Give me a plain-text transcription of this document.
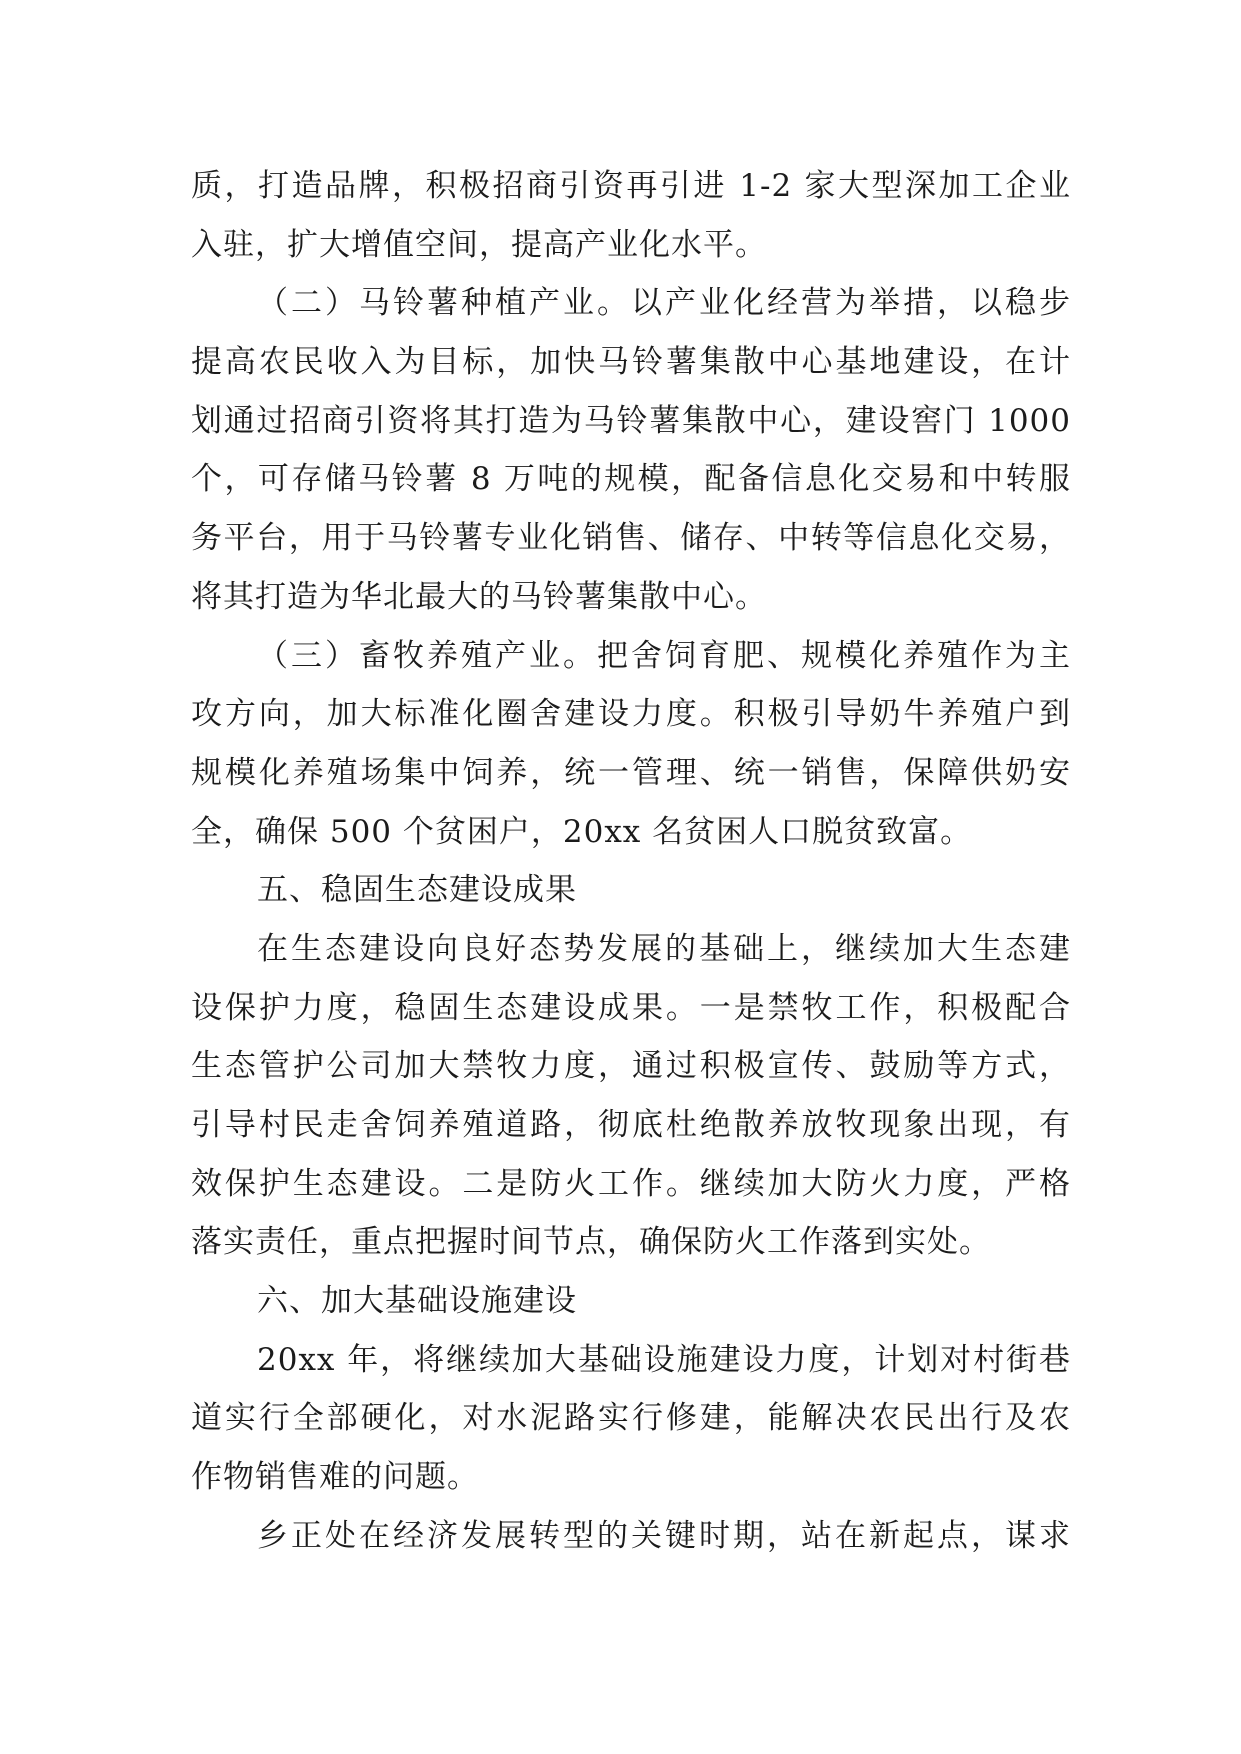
质，打造品牌，积极招商引资再引进 1-2 家大型深加工企业
入驻，扩大增值空间，提高产业化水平。
（二）马铃薯种植产业。以产业化经营为举措，以稳步
提高农民收入为目标，加快马铃薯集散中心基地建设，在计
划通过招商引资将其打造为马铃薯集散中心，建设窖门 1000
个，可存储马铃薯 8 万吨的规模，配备信息化交易和中转服
务平台，用于马铃薯专业化销售、储存、中转等信息化交易，
将其打造为华北最大的马铃薯集散中心。
（三）畜牧养殖产业。把舍饲育肥、规模化养殖作为主
攻方向，加大标准化圈舍建设力度。积极引导奶牛养殖户到
规模化养殖场集中饲养，统一管理、统一销售，保障供奶安
全，确保 500 个贫困户，20xx 名贫困人口脱贫致富。
五、稳固生态建设成果
在生态建设向良好态势发展的基础上，继续加大生态建
设保护力度，稳固生态建设成果。一是禁牧工作，积极配合
生态管护公司加大禁牧力度，通过积极宣传、鼓励等方式，
引导村民走舍饲养殖道路，彻底杜绝散养放牧现象出现，有
效保护生态建设。二是防火工作。继续加大防火力度，严格
落实责任，重点把握时间节点，确保防火工作落到实处。
六、加大基础设施建设
20xx 年，将继续加大基础设施建设力度，计划对村街巷
道实行全部硬化，对水泥路实行修建，能解决农民出行及农
作物销售难的问题。
乡正处在经济发展转型的关键时期，站在新起点，谋求
